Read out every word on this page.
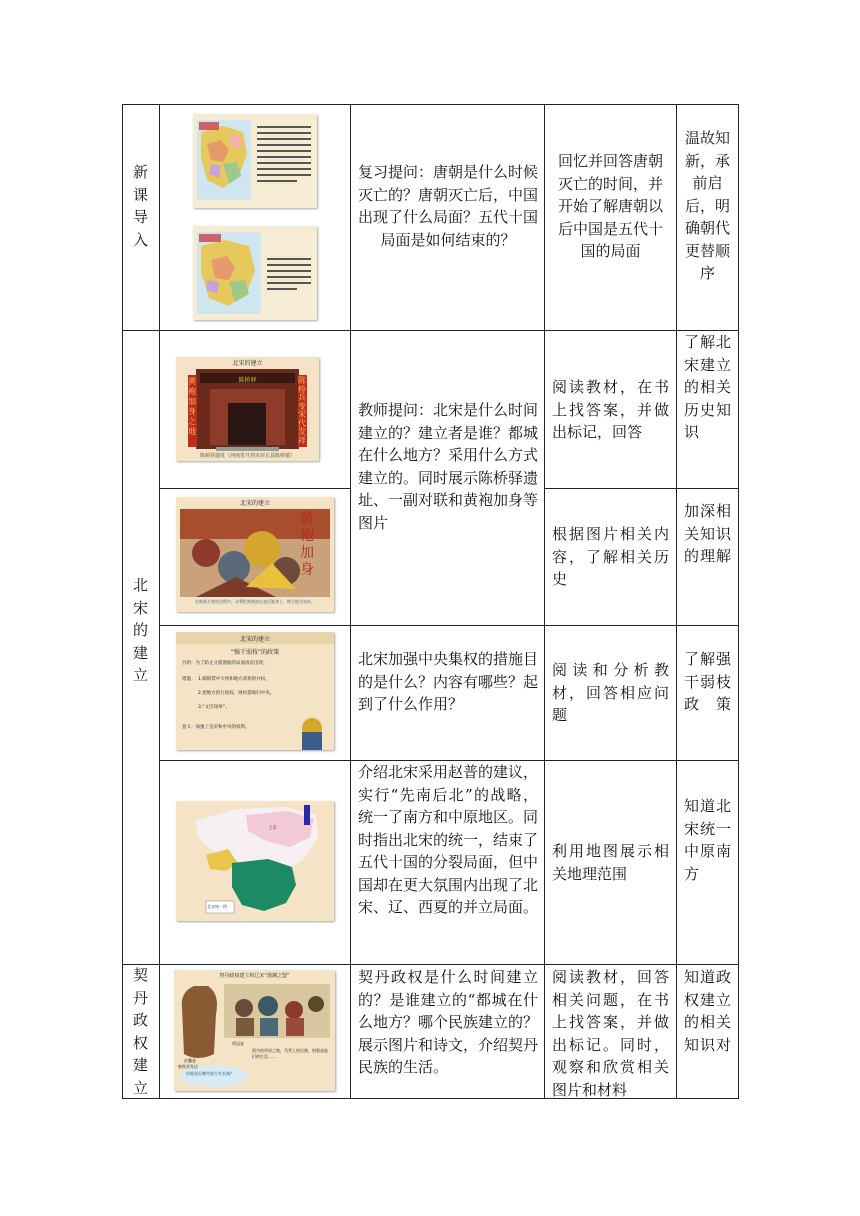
新课导入
复习提问：唐朝是什么时候灭亡的？唐朝灭亡后，中国出现了什么局面？五代十国局面是如何结束的？
回忆并回答唐朝灭亡的时间，并开始了解唐朝以后中国是五代十国的局面
温故知新，承前启后，明确朝代更替顺序
北宋的建立
北宋的建立
陈桥驿
黄袍加身之地
陈桥兵变宋代发祥
陈桥驿遗址（河南省开封市封丘县陈桥镇）
北宋的建立
黄袍加身
在陈桥兵变的过程中，众将把黄袍加在赵匡胤身上，拥立他为皇帝。
北宋的建立
“强干弱枝”的政策
目的：为了防止分裂割据的局面再次出现。
措施： 1.解除禁中大将和地方武将的兵权。
2.把地方的行政权、财权都收归中央。
3.“文臣知州”。
意义：加强了皇帝和中央的权利。
上京
北宋统一图
教师提问：北宋是什么时间建立的？建立者是谁？都城在什么地方？采用什么方式建立的。同时展示陈桥驿遗址、一副对联和黄袍加身等图片
阅读教材，在书上找答案，并做出标记，回答
了解北宋建立的相关历史知识
根据图片相关内容，了解相关历史
加深相关知识的理解
北宋加强中央集权的措施目的是什么？内容有哪些？起到了什么作用？
阅读和分析教材，回答相应问题
了解强干弱枝政策
介绍北宋采用赵普的建议，实行“先南后北”的战略，统一了南方和中原地区。同时指出北宋的统一，结束了五代十国的分裂局面，但中国却在更大氛围内出现了北宋、辽、西夏的并立局面。
利用地图展示相关地理范围
知道北宋统一中原南方
契丹政权建立
契丹政权建立和辽宋“澶渊之盟”
皮囊壶
鸡冠壶
畜牧业发达
你能说出哪些地方有长城？
契丹的草原之地，马背上的民族，射猎是他们的生活……
契丹政权是什么时间建立的？是谁建立的“都城在什么地方？哪个民族建立的？展示图片和诗文，介绍契丹民族的生活。
阅读教材，回答相关问题，在书上找答案，并做出标记。同时，观察和欣赏相关图片和材料
知道政权建立的相关知识对
